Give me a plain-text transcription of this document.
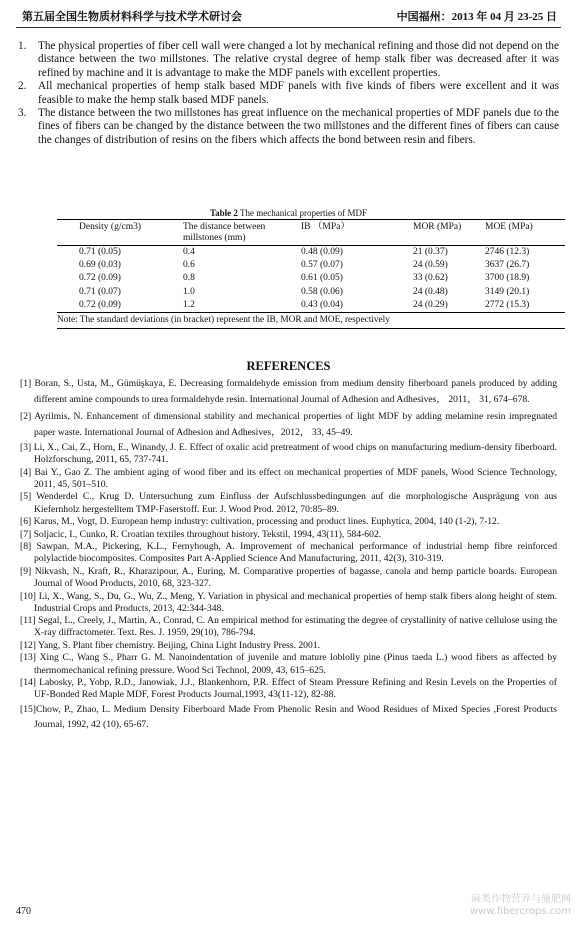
第五届全国生物质材料科学与技术学术研讨会	中国福州：2013 年 04 月 23-25 日
1. The physical properties of fiber cell wall were changed a lot by mechanical refining and those did not depend on the distance between the two millstones. The relative crystal degree of hemp stalk fiber was decreased after it was refined by machine and it is advantage to make the MDF panels with excellent properties.
2. All mechanical properties of hemp stalk based MDF panels with five kinds of fibers were excellent and it was feasible to make the hemp stalk based MDF panels.
3. The distance between the two millstones has great influence on the mechanical properties of MDF panels due to the fines of fibers can be changed by the distance between the two millstones and the different fines of fibers can cause the changes of distribution of resins on the fibers which affects the bond between resin and fibers.
Table 2 The mechanical properties of MDF
Density (g/cm3)	The distance between millstones (mm)	IB （MPa）	MOR (MPa)	MOE (MPa)
0.71 (0.05)	0.4	0.48 (0.09)	21 (0.37)	2746 (12.3)
0.69 (0.03)	0.6	0.57 (0.07)	24 (0.59)	3637 (26.7)
0.72 (0.09)	0.8	0.61 (0.05)	33 (0.62)	3700 (18.9)
0.71 (0.07)	1.0	0.58 (0.06)	24 (0.48)	3149 (20.1)
0.72 (0.09)	1.2	0.43 (0.04)	24 (0.29)	2772 (15.3)
Note: The standard deviations (in bracket) represent the IB, MOR and MOE, respectively				
REFERENCES
[1] Boran, S., Usta, M., Gümüşkaya, E. Decreasing formaldehyde emission from medium density fiberboard panels produced by adding different amine compounds to urea formaldehyde resin. International Journal of Adhesion and Adhesives， 2011， 31, 674–678.
[2] Ayrilmis, N. Enhancement of dimensional stability and mechanical properties of light MDF by adding melamine resin impregnated paper waste. International Journal of Adhesion and Adhesives，2012， 33, 45–49.
[3] Li, X., Cai, Z., Horn, E., Winandy, J. E. Effect of oxalic acid pretreatment of wood chips on manufacturing medium-density fiberboard. Holzforschung, 2011, 65, 737-741.
[4] Bai Y., Gao Z. The ambient aging of wood fiber and its effect on mechanical properties of MDF panels, Wood Science Technology, 2011, 45, 501–510.
[5] Wenderdel C., Krug D. Untersuchung zum Einfluss der Aufschlussbedingungen auf die morphologische Ausprägung von aus Kiefernholz hergestelltem TMP-Faserstoff. Eur. J. Wood Prod. 2012, 70:85–89.
[6] Karus, M., Vogt, D. European hemp industry: cultivation, processing and product lines. Euphytica, 2004, 140 (1-2), 7-12.
[7] Soljacic, I., Cunko, R. Croatian textiles throughout history. Tekstil, 1994, 43(11), 584-602.
[8] Sawpan, M.A., Pickering, K.L., Fernyhough, A. Improvement of mechanical performance of industrial hemp fibre reinforced polylactide biocomposites. Composites Part A-Applied Science And Manufacturing, 2011, 42(3), 310-319.
[9] Nikvash, N., Kraft, R., Kharazipour, A., Euring, M. Comparative properties of bagasse, canola and hemp particle boards. European Journal of Wood Products, 2010, 68, 323-327.
[10] Li, X., Wang, S., Du, G., Wu, Z., Meng, Y. Variation in physical and mechanical properties of hemp stalk fibers along height of stem. Industrial Crops and Products, 2013, 42:344-348.
[11] Segal, L., Creely, J., Martin, A., Conrad, C. An empirical method for estimating the degree of crystallinity of native cellulose using the X-ray diffractometer. Text. Res. J. 1959, 29(10), 786-794.
[12] Yang, S. Plant fiber chemistry. Beijing, China Light Industry Press. 2001.
[13] Xing C., Wang S., Pharr G. M. Nanoindentation of juvenile and mature loblolly pine (Pinus taeda L.) wood fibers as affected by thermomechanical refining pressure. Wood Sci Technol, 2009, 43, 615–625.
[14] Labosky, P., Yobp, R.D., Janowiak, J.J., Blankenhorn, P.R. Effect of Steam Pressure Refining and Resin Levels on the Properties of UF-Bonded Red Maple MDF, Forest Products Journal,1993, 43(11-12), 82-88.
[15]Chow, P., Zhao, L. Medium Density Fiberboard Made From Phenolic Resin and Wood Residues of Mixed Species ,Forest Products Journal, 1992, 42 (10), 65-67.
470
麻类作物营养与施肥网
www.fibercrops.com
